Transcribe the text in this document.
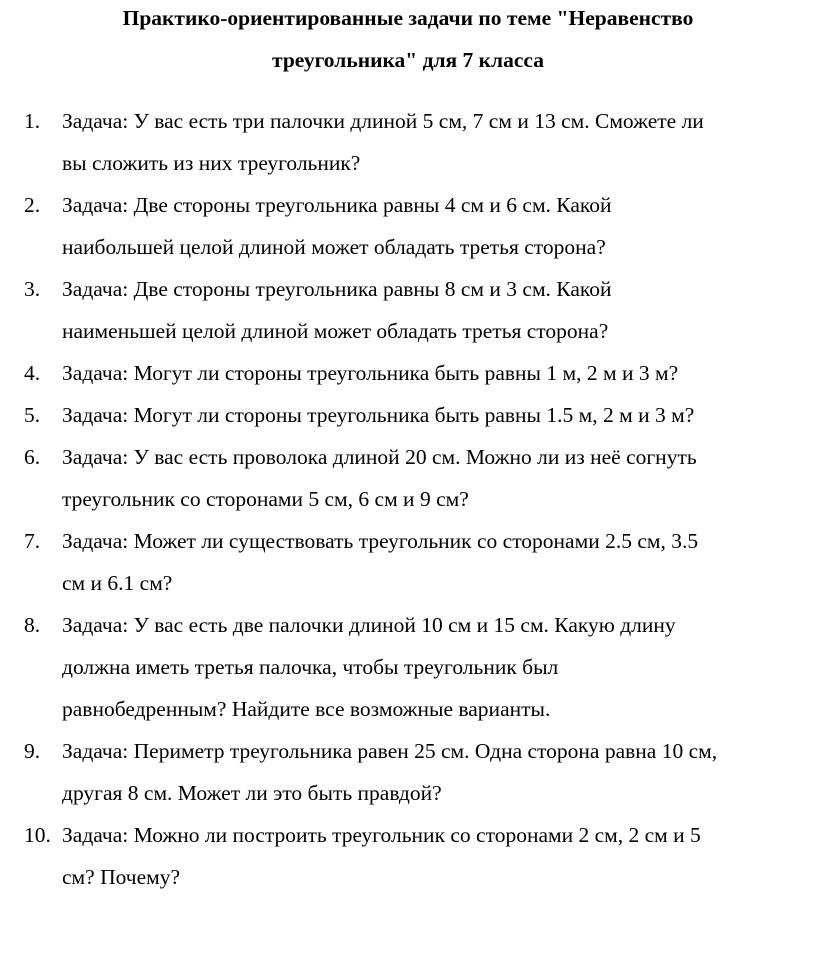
Практико-ориентированные задачи по теме "Неравенство
треугольника" для 7 класса
1. Задача: У вас есть три палочки длиной 5 см, 7 см и 13 см. Сможете ли
вы сложить из них треугольник?
2. Задача: Две стороны треугольника равны 4 см и 6 см. Какой
наибольшей целой длиной может обладать третья сторона?
3. Задача: Две стороны треугольника равны 8 см и 3 см. Какой
наименьшей целой длиной может обладать третья сторона?
4. Задача: Могут ли стороны треугольника быть равны 1 м, 2 м и 3 м?
5. Задача: Могут ли стороны треугольника быть равны 1.5 м, 2 м и 3 м?
6. Задача: У вас есть проволока длиной 20 см. Можно ли из неё согнуть
треугольник со сторонами 5 см, 6 см и 9 см?
7. Задача: Может ли существовать треугольник со сторонами 2.5 см, 3.5
см и 6.1 см?
8. Задача: У вас есть две палочки длиной 10 см и 15 см. Какую длину
должна иметь третья палочка, чтобы треугольник был
равнобедренным? Найдите все возможные варианты.
9. Задача: Периметр треугольника равен 25 см. Одна сторона равна 10 см,
другая 8 см. Может ли это быть правдой?
10. Задача: Можно ли построить треугольник со сторонами 2 см, 2 см и 5
см? Почему?
